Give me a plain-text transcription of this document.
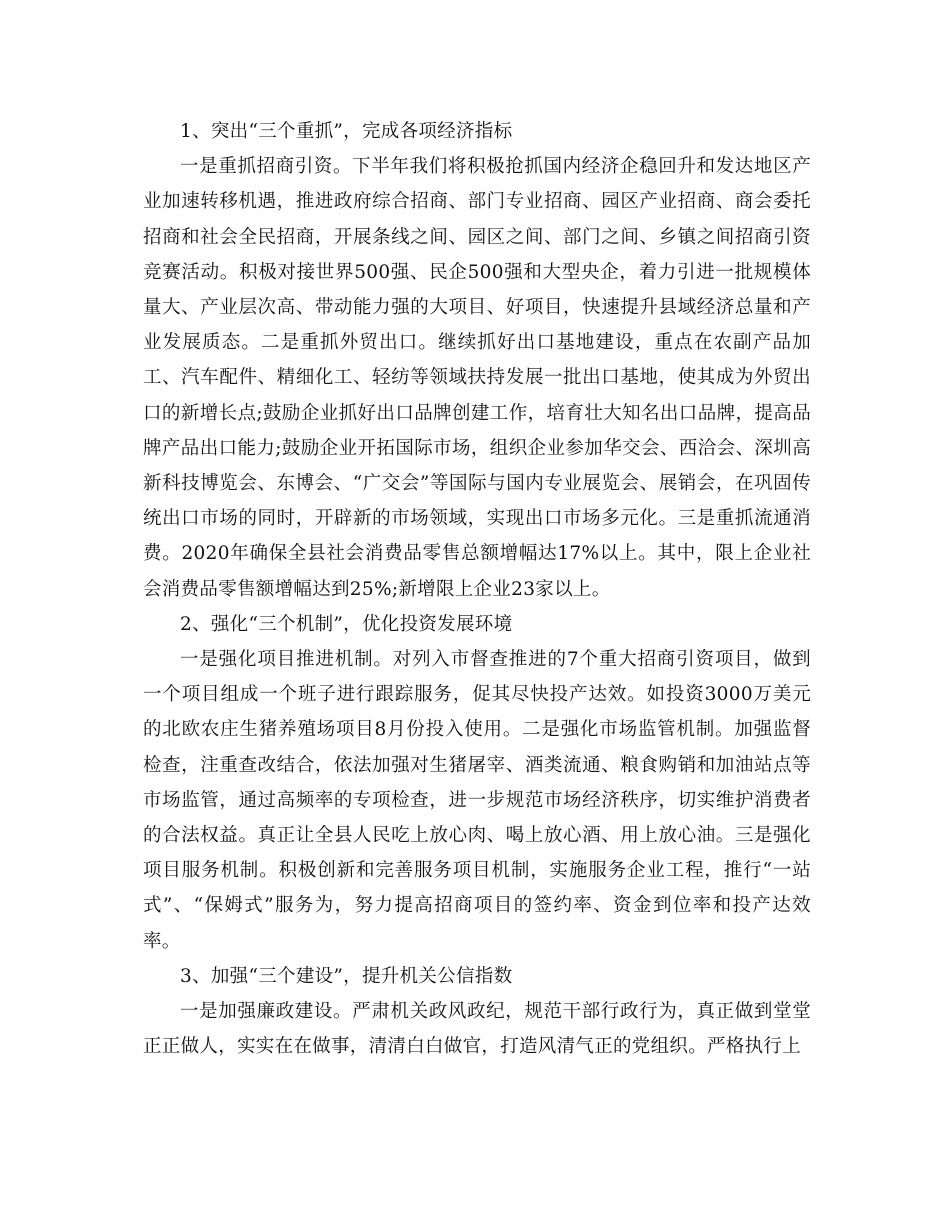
1、突出“三个重抓”，完成各项经济指标

一是重抓招商引资。下半年我们将积极抢抓国内经济企稳回升和发达地区产业加速转移机遇，推进政府综合招商、部门专业招商、园区产业招商、商会委托招商和社会全民招商，开展条线之间、园区之间、部门之间、乡镇之间招商引资竞赛活动。积极对接世界500强、民企500强和大型央企，着力引进一批规模体量大、产业层次高、带动能力强的大项目、好项目，快速提升县域经济总量和产业发展质态。二是重抓外贸出口。继续抓好出口基地建设，重点在农副产品加工、汽车配件、精细化工、轻纺等领域扶持发展一批出口基地，使其成为外贸出口的新增长点;鼓励企业抓好出口品牌创建工作，培育壮大知名出口品牌，提高品牌产品出口能力;鼓励企业开拓国际市场，组织企业参加华交会、西洽会、深圳高新科技博览会、东博会、“广交会”等国际与国内专业展览会、展销会，在巩固传统出口市场的同时，开辟新的市场领域，实现出口市场多元化。三是重抓流通消费。2020年确保全县社会消费品零售总额增幅达17%以上。其中，限上企业社会消费品零售额增幅达到25%;新增限上企业23家以上。

2、强化“三个机制”，优化投资发展环境

一是强化项目推进机制。对列入市督查推进的7个重大招商引资项目，做到一个项目组成一个班子进行跟踪服务，促其尽快投产达效。如投资3000万美元的北欧农庄生猪养殖场项目8月份投入使用。二是强化市场监管机制。加强监督检查，注重查改结合，依法加强对生猪屠宰、酒类流通、粮食购销和加油站点等市场监管，通过高频率的专项检查，进一步规范市场经济秩序，切实维护消费者的合法权益。真正让全县人民吃上放心肉、喝上放心酒、用上放心油。三是强化项目服务机制。积极创新和完善服务项目机制，实施服务企业工程，推行“一站式”、“保姆式”服务为，努力提高招商项目的签约率、资金到位率和投产达效率。

3、加强“三个建设”，提升机关公信指数

一是加强廉政建设。严肃机关政风政纪，规范干部行政行为，真正做到堂堂正正做人，实实在在做事，清清白白做官，打造风清气正的党组织。严格执行上
